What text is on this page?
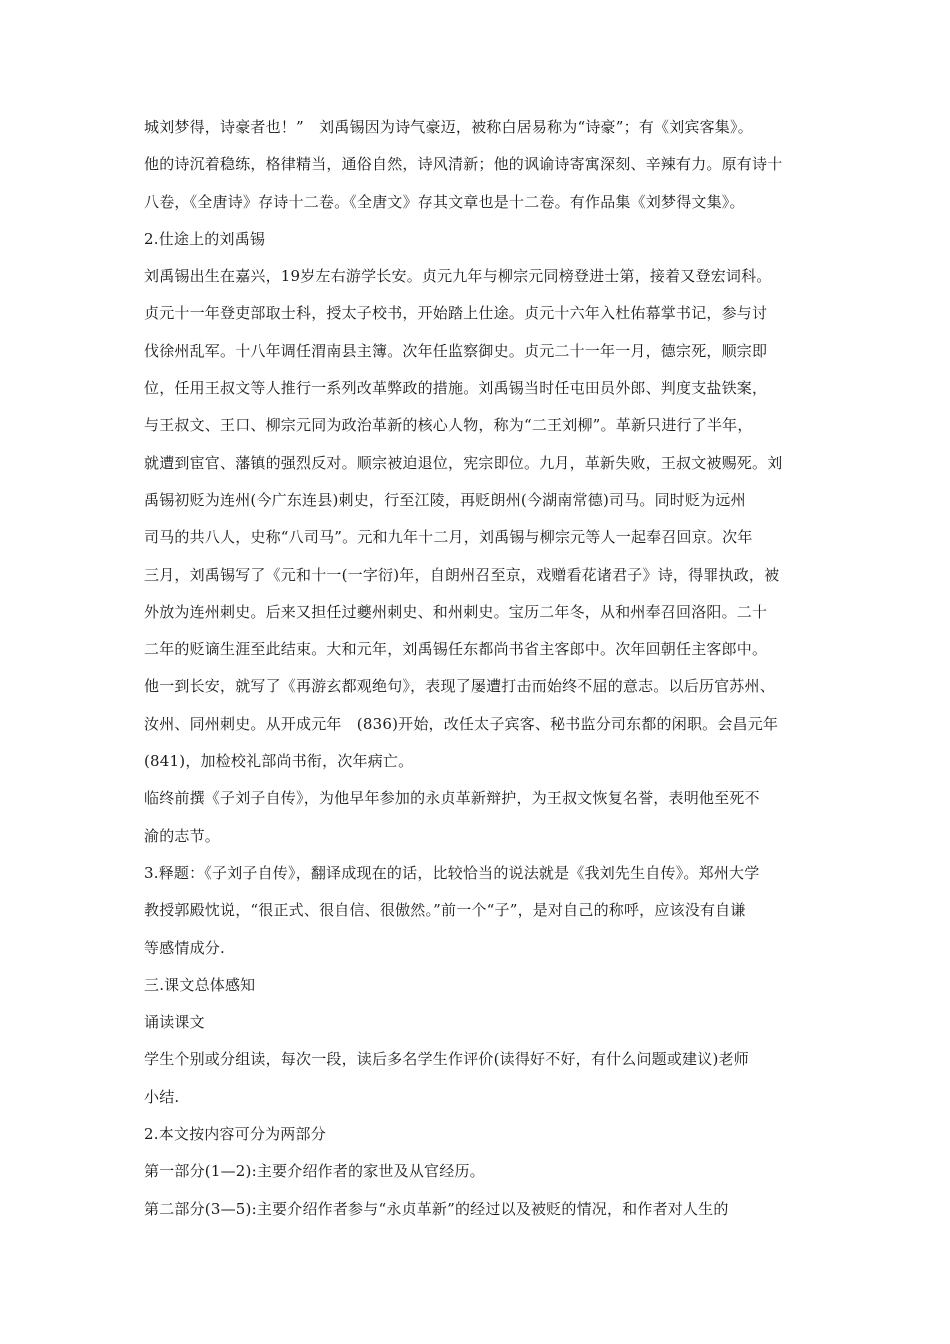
城刘梦得，诗豪者也！”　刘禹锡因为诗气豪迈，被称白居易称为“诗豪”；有《刘宾客集》。
他的诗沉着稳练，格律精当，通俗自然，诗风清新；他的讽谕诗寄寓深刻、辛辣有力。原有诗十
八卷，《全唐诗》存诗十二卷。《全唐文》存其文章也是十二卷。有作品集《刘梦得文集》。
2.仕途上的刘禹锡
刘禹锡出生在嘉兴，19岁左右游学长安。贞元九年与柳宗元同榜登进士第，接着又登宏词科。
贞元十一年登吏部取士科，授太子校书，开始踏上仕途。贞元十六年入杜佑幕掌书记，参与讨
伐徐州乱军。十八年调任渭南县主簿。次年任监察御史。贞元二十一年一月，德宗死，顺宗即
位，任用王叔文等人推行一系列改革弊政的措施。刘禹锡当时任屯田员外郎、判度支盐铁案，
与王叔文、王口、柳宗元同为政治革新的核心人物，称为“二王刘柳”。革新只进行了半年，
就遭到宦官、藩镇的强烈反对。顺宗被迫退位，宪宗即位。九月，革新失败，王叔文被赐死。刘
禹锡初贬为连州(今广东连县)刺史，行至江陵，再贬朗州(今湖南常德)司马。同时贬为远州
司马的共八人，史称“八司马”。元和九年十二月，刘禹锡与柳宗元等人一起奉召回京。次年
三月，刘禹锡写了《元和十一(一字衍)年，自朗州召至京，戏赠看花诸君子》诗，得罪执政，被
外放为连州刺史。后来又担任过夔州刺史、和州刺史。宝历二年冬，从和州奉召回洛阳。二十
二年的贬谪生涯至此结束。大和元年，刘禹锡任东都尚书省主客郎中。次年回朝任主客郎中。
他一到长安，就写了《再游玄都观绝句》，表现了屡遭打击而始终不屈的意志。以后历官苏州、
汝州、同州刺史。从开成元年　(836)开始，改任太子宾客、秘书监分司东都的闲职。会昌元年
(841)，加检校礼部尚书衔，次年病亡。
临终前撰《子刘子自传》，为他早年参加的永贞革新辩护，为王叔文恢复名誉，表明他至死不
渝的志节。
3.释题：《子刘子自传》，翻译成现在的话，比较恰当的说法就是《我刘先生自传》。郑州大学
教授郭殿忱说，“很正式、很自信、很傲然。”前一个“子”，是对自己的称呼，应该没有自谦
等感情成分.
三.课文总体感知
诵读课文
学生个别或分组读，每次一段，读后多名学生作评价(读得好不好，有什么问题或建议)老师
小结.
2.本文按内容可分为两部分
第一部分(1—2):主要介绍作者的家世及从官经历。
第二部分(3—5):主要介绍作者参与“永贞革新”的经过以及被贬的情况，和作者对人生的
